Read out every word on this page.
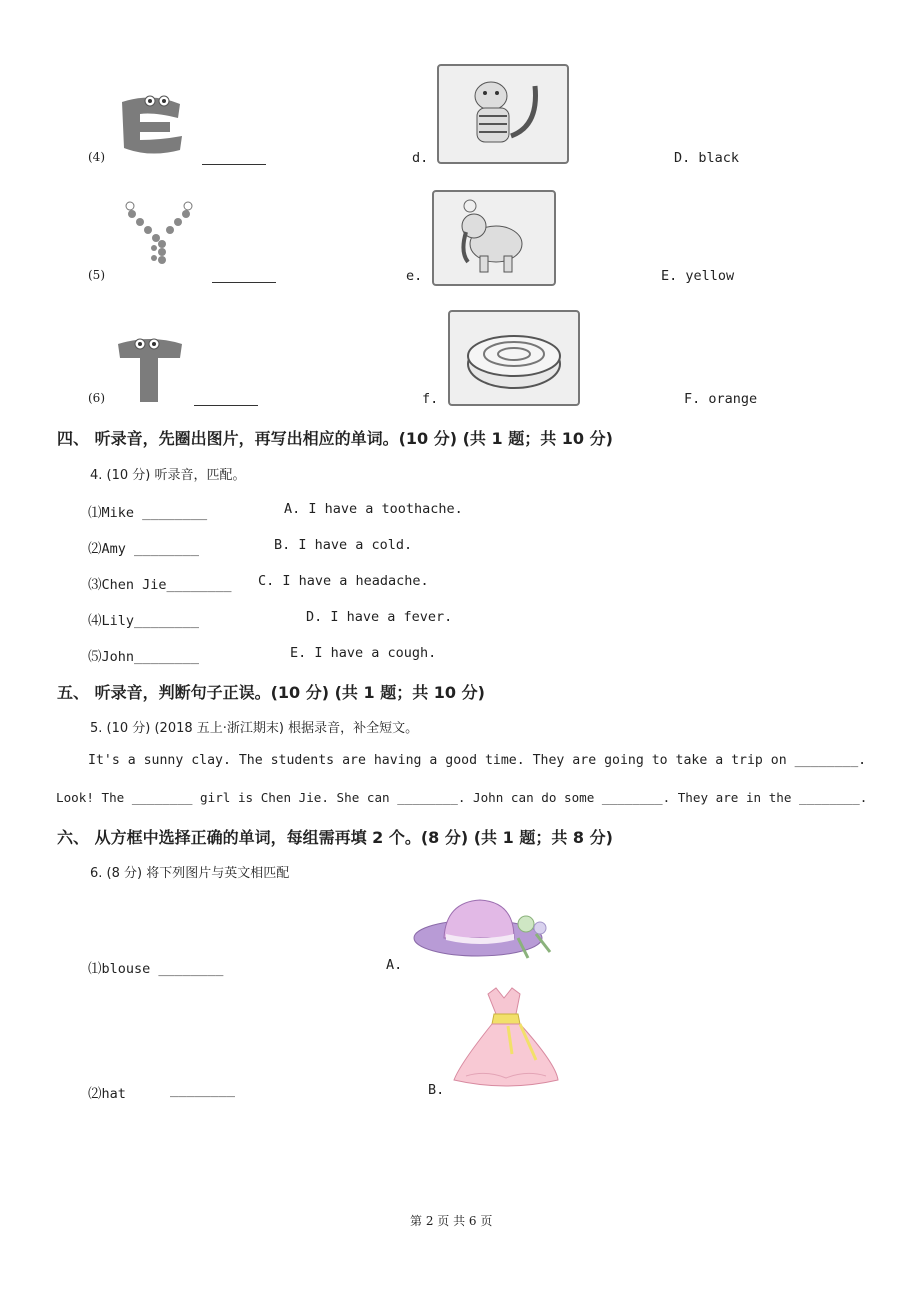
(4)	d.	D. black
(5)	e.	E. yellow
(6)	f.	F. orange
四、 听录音，先圈出图片，再写出相应的单词。(10 分) (共 1 题；共 10 分)
4. (10 分) 听录音，匹配。
⑴Mike ________	A. I have a toothache.
⑵Amy ________	B. I have a cold.
⑶Chen Jie________ C. I have a headache.
⑷Lily________	D. I have a fever.
⑸John________	E. I have a cough.
五、 听录音，判断句子正误。(10 分) (共 1 题；共 10 分)
5. (10 分) (2018 五上·浙江期末) 根据录音，补全短文。
It's a sunny clay. The students are having a good time. They are going to take a trip on ________.
Look! The ________ girl is Chen Jie. She can ________. John can do some ________. They are in the ________.
六、 从方框中选择正确的单词，每组需再填 2 个。(8 分) (共 1 题；共 8 分)
6. (8 分) 将下列图片与英文相匹配
⑴blouse ________	A.
⑵hat	________	B.
第 2 页 共 6 页
